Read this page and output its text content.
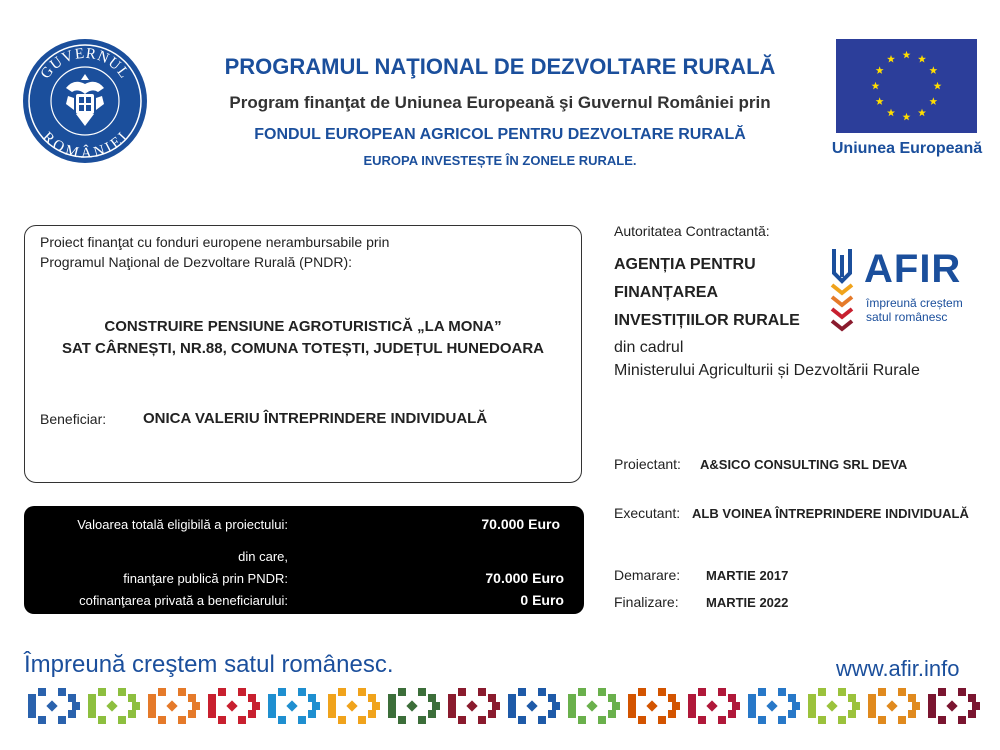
GUVERNUL
ROMÂNIEI
PROGRAMUL NAŢIONAL DE DEZVOLTARE RURALĂ
Program finanţat de Uniunea Europeană şi Guvernul României prin
FONDUL EUROPEAN AGRICOL PENTRU DEZVOLTARE RURALĂ
EUROPA INVESTEȘTE ÎN ZONELE RURALE.
Uniunea Europeană
Proiect finanţat cu fonduri europene nerambursabile prin
Programul Naţional de Dezvoltare Rurală (PNDR):
CONSTRUIRE PENSIUNE AGROTURISTICĂ „LA MONA”
SAT CÂRNEȘTI, NR.88, COMUNA TOTEȘTI, JUDEȚUL HUNEDOARA
Beneficiar: ONICA VALERIU ÎNTREPRINDERE INDIVIDUALĂ
Valoarea totală eligibilă a proiectului:	70.000 Euro
din care,
finanţare publică prin PNDR:	70.000 Euro
cofinanţarea privată a beneficiarului:	0 Euro
Autoritatea Contractantă:
AGENȚIA PENTRU
FINANȚAREA
INVESTIȚIILOR RURALE
din cadrul
Ministerului Agriculturii și Dezvoltării Rurale
AFIR
împreună creștem
satul românesc
Proiectant: A&SICO CONSULTING SRL DEVA
Executant: ALB VOINEA ÎNTREPRINDERE INDIVIDUALĂ
Demarare: MARTIE 2017
Finalizare: MARTIE 2022
Împreună creştem satul românesc.	www.afir.info
